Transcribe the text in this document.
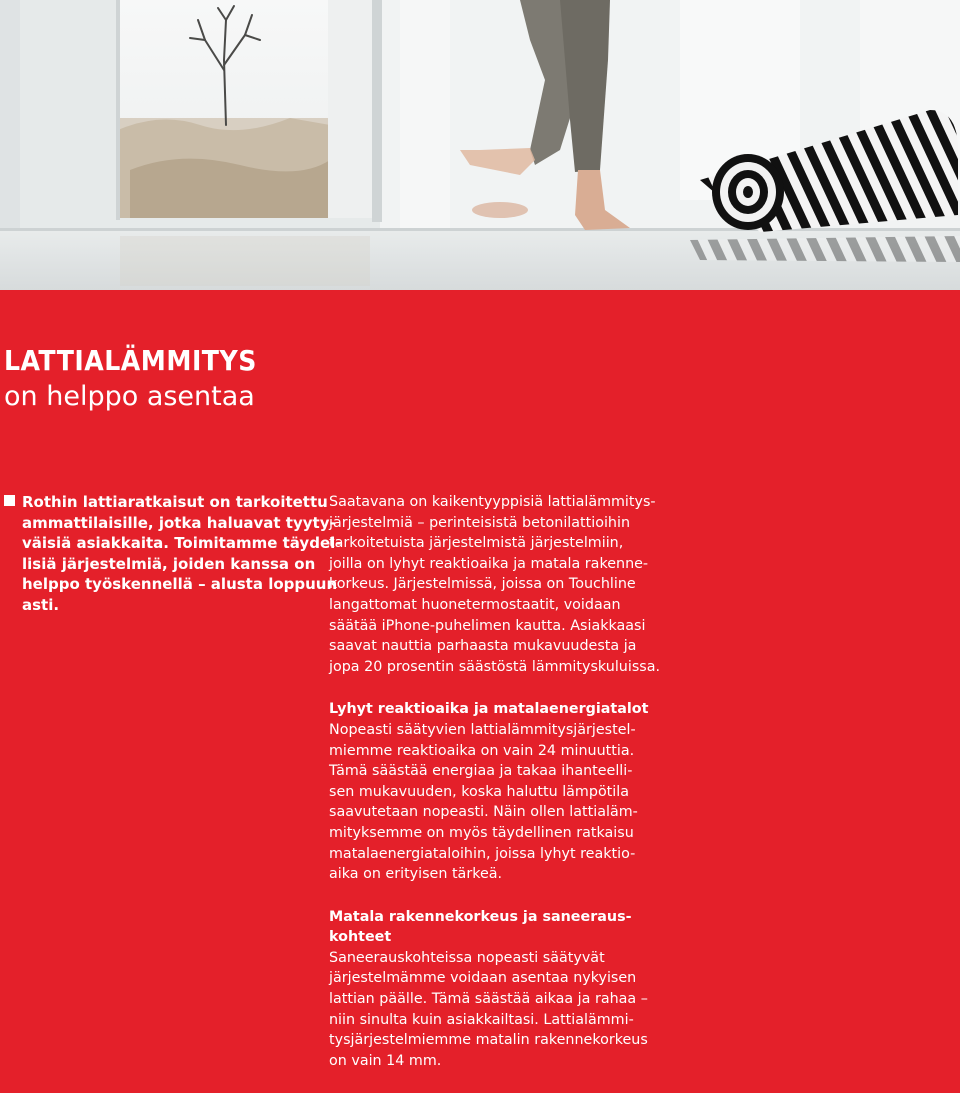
LATTIALÄMMITYS
on helppo asentaa

Rothin lattiaratkaisut on tarkoitettu
ammattilaisille, jotka haluavat tyyty-
väisiä asiakkaita. Toimitamme täydel-
lisiä järjestelmiä, joiden kanssa on
helppo työskennellä – alusta loppuun
asti.

Saatavana on kaikentyyppisiä lattialämmitys-
järjestelmiä – perinteisistä betonilattioihin
tarkoitetuista järjestelmistä järjestelmiin,
joilla on lyhyt reaktioaika ja matala rakenne-
korkeus. Järjestelmissä, joissa on Touchline
langattomat huonetermostaatit, voidaan
säätää iPhone-puhelimen kautta. Asiakkaasi
saavat nauttia parhaasta mukavuudesta ja
jopa 20 prosentin säästöstä lämmityskuluissa.
Lyhyt reaktioaika ja matalaenergiatalot
Nopeasti säätyvien lattialämmitysjärjestel-
miemme reaktioaika on vain 24 minuuttia.
Tämä säästää energiaa ja takaa ihanteelli-
sen mukavuuden, koska haluttu lämpötila
saavutetaan nopeasti. Näin ollen lattialäm-
mityksemme on myös täydellinen ratkaisu
matalaenergiataloihin, joissa lyhyt reaktio-
aika on erityisen tärkeä.
Matala rakennekorkeus ja saneeraus-
kohteet
Saneerauskohteissa nopeasti säätyvät
järjestelmämme voidaan asentaa nykyisen
lattian päälle. Tämä säästää aikaa ja rahaa –
niin sinulta kuin asiakkailtasi. Lattialämmi-
tysjärjestelmiemme matalin rakennekorkeus
on vain 14 mm.
